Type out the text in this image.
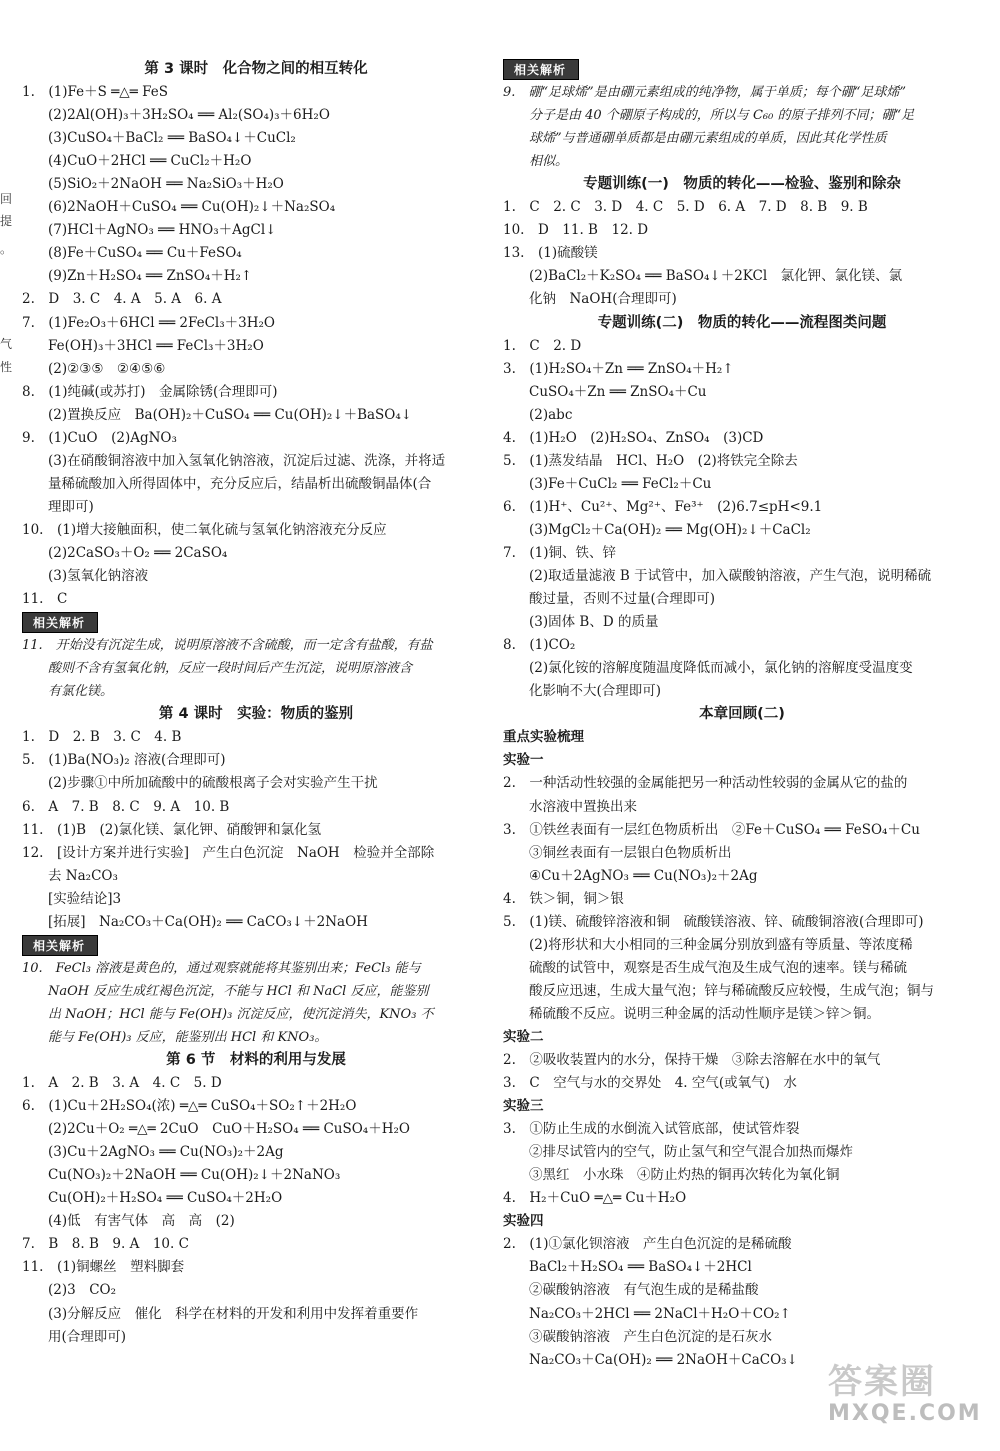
回
提
。
气
性
第 3 课时　化合物之间的相互转化
1.　(1)Fe＋S ═△═ FeS
(2)2Al(OH)₃＋3H₂SO₄ ══ Al₂(SO₄)₃＋6H₂O
(3)CuSO₄＋BaCl₂ ══ BaSO₄↓＋CuCl₂
(4)CuO＋2HCl ══ CuCl₂＋H₂O
(5)SiO₂＋2NaOH ══ Na₂SiO₃＋H₂O
(6)2NaOH＋CuSO₄ ══ Cu(OH)₂↓＋Na₂SO₄
(7)HCl＋AgNO₃ ══ HNO₃＋AgCl↓
(8)Fe＋CuSO₄ ══ Cu＋FeSO₄
(9)Zn＋H₂SO₄ ══ ZnSO₄＋H₂↑
2.　D　3. C　4. A　5. A　6. A
7.　(1)Fe₂O₃＋6HCl ══ 2FeCl₃＋3H₂O
Fe(OH)₃＋3HCl ══ FeCl₃＋3H₂O
(2)②③⑤　②④⑤⑥
8.　(1)纯碱(或苏打)　金属除锈(合理即可)
(2)置换反应　Ba(OH)₂＋CuSO₄ ══ Cu(OH)₂↓＋BaSO₄↓
9.　(1)CuO　(2)AgNO₃
(3)在硝酸铜溶液中加入氢氧化钠溶液，沉淀后过滤、洗涤，并将适
量稀硫酸加入所得固体中，充分反应后，结晶析出硫酸铜晶体(合
理即可)
10.　(1)增大接触面积，使二氧化硫与氢氧化钠溶液充分反应
(2)2CaSO₃＋O₂ ══ 2CaSO₄
(3)氢氧化钠溶液
11.　C
相关解析
11.　开始没有沉淀生成，说明原溶液不含硫酸，而一定含有盐酸，有盐
酸则不含有氢氧化钠，反应一段时间后产生沉淀，说明原溶液含
有氯化镁。
第 4 课时　实验：物质的鉴别
1.　D　2. B　3. C　4. B
5.　(1)Ba(NO₃)₂ 溶液(合理即可)
(2)步骤①中所加硫酸中的硫酸根离子会对实验产生干扰
6.　A　7. B　8. C　9. A　10. B
11.　(1)B　(2)氯化镁、氯化钾、硝酸钾和氯化氢
12.　[设计方案并进行实验]　产生白色沉淀　NaOH　检验并全部除
去 Na₂CO₃
[实验结论]3
[拓展]　Na₂CO₃＋Ca(OH)₂ ══ CaCO₃↓＋2NaOH
相关解析
10.　FeCl₃ 溶液是黄色的，通过观察就能将其鉴别出来；FeCl₃ 能与
NaOH 反应生成红褐色沉淀，不能与 HCl 和 NaCl 反应，能鉴别
出 NaOH；HCl 能与 Fe(OH)₃ 沉淀反应，使沉淀消失，KNO₃ 不
能与 Fe(OH)₃ 反应，能鉴别出 HCl 和 KNO₃。
第 6 节　材料的利用与发展
1.　A　2. B　3. A　4. C　5. D
6.　(1)Cu＋2H₂SO₄(浓) ═△═ CuSO₄＋SO₂↑＋2H₂O
(2)2Cu＋O₂ ═△═ 2CuO　CuO＋H₂SO₄ ══ CuSO₄＋H₂O
(3)Cu＋2AgNO₃ ══ Cu(NO₃)₂＋2Ag
Cu(NO₃)₂＋2NaOH ══ Cu(OH)₂↓＋2NaNO₃
Cu(OH)₂＋H₂SO₄ ══ CuSO₄＋2H₂O
(4)低　有害气体　高　高　(2)
7.　B　8. B　9. A　10. C
11.　(1)铜螺丝　塑料脚套
(2)3　CO₂
(3)分解反应　催化　科学在材料的开发和利用中发挥着重要作
用(合理即可)
相关解析
9.　硼“足球烯”是由硼元素组成的纯净物，属于单质；每个硼“足球烯”
分子是由 40 个硼原子构成的，所以与 C₆₀ 的原子排列不同；硼“足
球烯”与普通硼单质都是由硼元素组成的单质，因此其化学性质
相似。
专题训练(一)　物质的转化——检验、鉴别和除杂
1.　C　2. C　3. D　4. C　5. D　6. A　7. D　8. B　9. B
10.　D　11. B　12. D
13.　(1)硫酸镁
(2)BaCl₂＋K₂SO₄ ══ BaSO₄↓＋2KCl　氯化钾、氯化镁、氯
化钠　NaOH(合理即可)
专题训练(二)　物质的转化——流程图类问题
1.　C　2. D
3.　(1)H₂SO₄＋Zn ══ ZnSO₄＋H₂↑
CuSO₄＋Zn ══ ZnSO₄＋Cu
(2)abc
4.　(1)H₂O　(2)H₂SO₄、ZnSO₄　(3)CD
5.　(1)蒸发结晶　HCl、H₂O　(2)将铁完全除去
(3)Fe＋CuCl₂ ══ FeCl₂＋Cu
6.　(1)H⁺、Cu²⁺、Mg²⁺、Fe³⁺　(2)6.7≤pH<9.1
(3)MgCl₂＋Ca(OH)₂ ══ Mg(OH)₂↓＋CaCl₂
7.　(1)铜、铁、锌
(2)取适量滤液 B 于试管中，加入碳酸钠溶液，产生气泡，说明稀硫
酸过量，否则不过量(合理即可)
(3)固体 B、D 的质量
8.　(1)CO₂
(2)氯化铵的溶解度随温度降低而减小，氯化钠的溶解度受温度变
化影响不大(合理即可)
本章回顾(二)
重点实验梳理
实验一
2.　一种活动性较强的金属能把另一种活动性较弱的金属从它的盐的
水溶液中置换出来
3.　①铁丝表面有一层红色物质析出　②Fe＋CuSO₄ ══ FeSO₄＋Cu
③铜丝表面有一层银白色物质析出
④Cu＋2AgNO₃ ══ Cu(NO₃)₂＋2Ag
4.　铁＞铜，铜＞银
5.　(1)镁、硫酸锌溶液和铜　硫酸镁溶液、锌、硫酸铜溶液(合理即可)
(2)将形状和大小相同的三种金属分别放到盛有等质量、等浓度稀
硫酸的试管中，观察是否生成气泡及生成气泡的速率。镁与稀硫
酸反应迅速，生成大量气泡；锌与稀硫酸反应较慢，生成气泡；铜与
稀硫酸不反应。说明三种金属的活动性顺序是镁＞锌＞铜。
实验二
2.　②吸收装置内的水分，保持干燥　③除去溶解在水中的氧气
3.　C　空气与水的交界处　4. 空气(或氧气)　水
实验三
3.　①防止生成的水倒流入试管底部，使试管炸裂
②排尽试管内的空气，防止氢气和空气混合加热而爆炸
③黑红　小水珠　④防止灼热的铜再次转化为氧化铜
4.　H₂＋CuO ═△═ Cu＋H₂O
实验四
2.　(1)①氯化钡溶液　产生白色沉淀的是稀硫酸
BaCl₂＋H₂SO₄ ══ BaSO₄↓＋2HCl
②碳酸钠溶液　有气泡生成的是稀盐酸
Na₂CO₃＋2HCl ══ 2NaCl＋H₂O＋CO₂↑
③碳酸钠溶液　产生白色沉淀的是石灰水
Na₂CO₃＋Ca(OH)₂ ══ 2NaOH＋CaCO₃↓
答案圈
MXQE.COM
